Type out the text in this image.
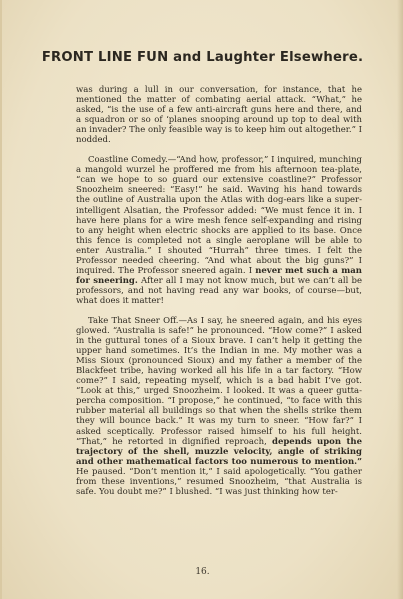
FRONT LINE FUN and Laughter Elsewhere.

was during a lull in our conversation, for instance, that he mentioned the matter of combating aerial attack. “What,” he asked, “is the use of a few anti-aircraft guns here and there, and a squadron or so of ‘planes snooping around up top to deal with an invader? The only feasible way is to keep him out altogether.” I nodded.

Coastline Comedy.—“And how, professor,” I inquired, munching a mangold wurzel he proffered me from his afternoon tea-plate, “can we hope to so guard our extensive coastline?” Professor Snoozheim sneered: “Easy!” he said. Waving his hand towards the outline of Australia upon the Atlas with dog-ears like a super-intelligent Alsatian, the Professor added: “We must fence it in. I have here plans for a wire mesh fence self-expanding and rising to any height when electric shocks are applied to its base. Once this fence is completed not a single aeroplane will be able to enter Australia.” I shouted “Hurrah” three times. I felt the Professor needed cheering. “And what about the big guns?” I inquired. The Professor sneered again. I never met such a man for sneering. After all I may not know much, but we can’t all be professors, and not having read any war books, of course—but, what does it matter!

Take That Sneer Off.—As I say, he sneered again, and his eyes glowed. “Australia is safe!” he pronounced. “How come?” I asked in the guttural tones of a Sioux brave. I can’t help it getting the upper hand sometimes. It’s the Indian in me. My mother was a Miss Sioux (pronounced Sioux) and my father a member of the Blackfeet tribe, having worked all his life in a tar factory. “How come?” I said, repeating myself, which is a bad habit I’ve got. “Look at this,” urged Snoozheim. I looked. It was a queer gutta-percha composition. “I propose,” he continued, “to face with this rubber material all buildings so that when the shells strike them they will bounce back.” It was my turn to sneer. “How far?” I asked sceptically. Professor raised himself to his full height. “That,” he retorted in dignified reproach, depends upon the trajectory of the shell, muzzle velocity, angle of striking and other mathematical factors too numerous to mention.” He paused. “Don’t mention it,” I said apologetically. “You gather from these inventions,” resumed Snoozheim, “that Australia is safe. You doubt me?” I blushed. “I was just thinking how ter-

16.
